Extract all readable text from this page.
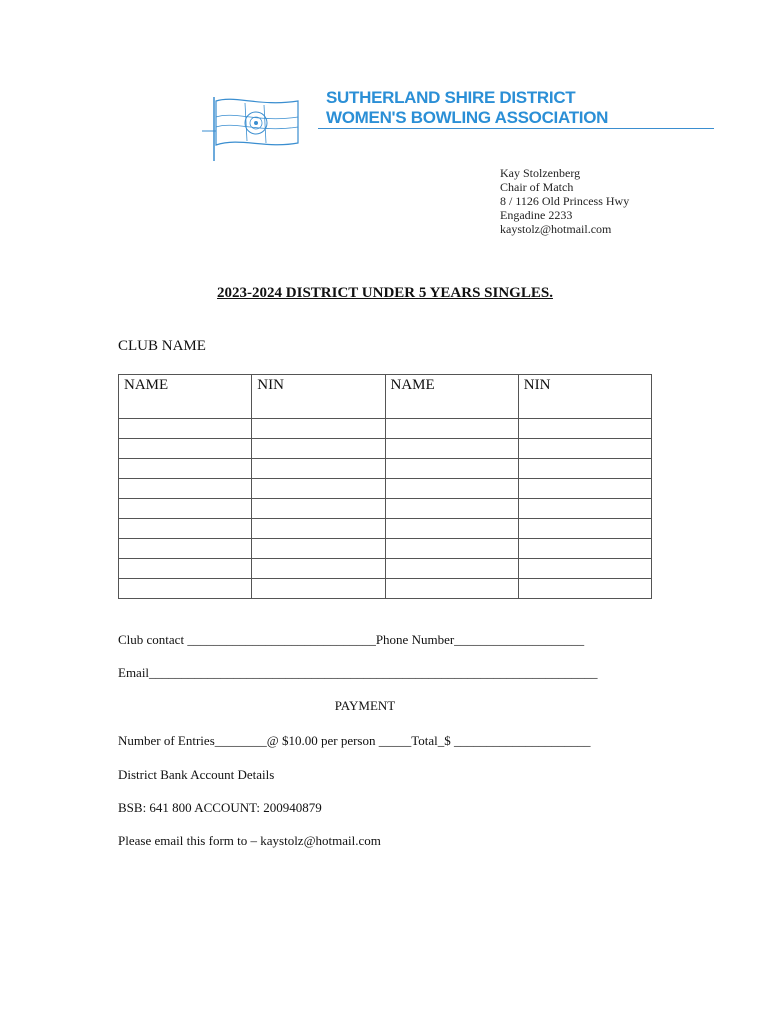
SUTHERLAND SHIRE DISTRICT
WOMEN'S BOWLING ASSOCIATION
Kay Stolzenberg
Chair of Match
8 / 1126 Old Princess Hwy
Engadine 2233
kaystolz@hotmail.com
2023-2024 DISTRICT UNDER 5 YEARS SINGLES.
CLUB NAME
NAME	NIN	NAME	NIN

Club contact _____________________________Phone Number____________________
Email_____________________________________________________________________
PAYMENT
Number of Entries________@ $10.00 per person _____Total_$ _____________________
District Bank Account Details
BSB: 641 800 ACCOUNT: 200940879
Please email this form to – kaystolz@hotmail.com
